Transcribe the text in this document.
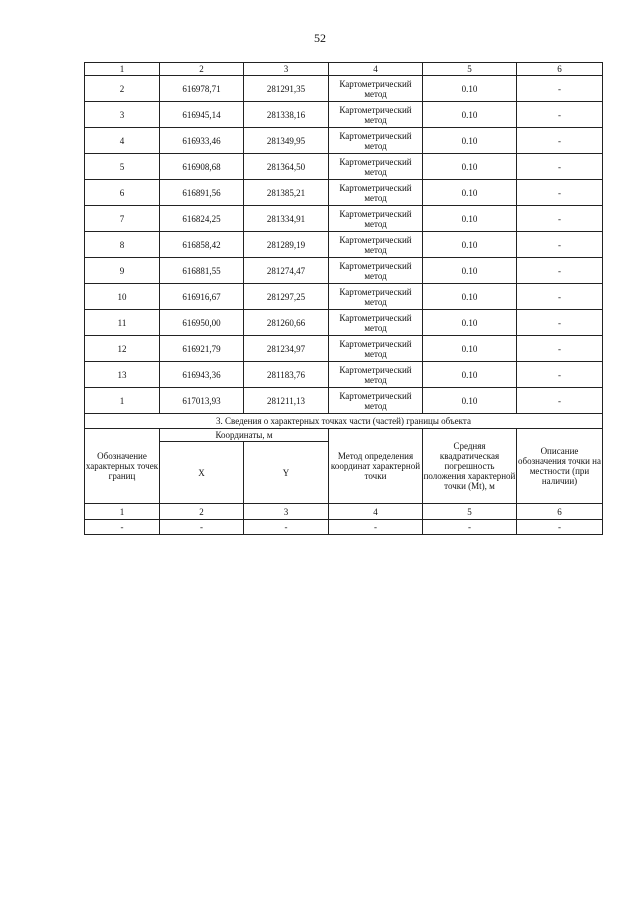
52
1	2	3	4	5	6
2	616978,71	281291,35	Картометрический метод	0.10	-
3	616945,14	281338,16	Картометрический метод	0.10	-
4	616933,46	281349,95	Картометрический метод	0.10	-
5	616908,68	281364,50	Картометрический метод	0.10	-
6	616891,56	281385,21	Картометрический метод	0.10	-
7	616824,25	281334,91	Картометрический метод	0.10	-
8	616858,42	281289,19	Картометрический метод	0.10	-
9	616881,55	281274,47	Картометрический метод	0.10	-
10	616916,67	281297,25	Картометрический метод	0.10	-
11	616950,00	281260,66	Картометрический метод	0.10	-
12	616921,79	281234,97	Картометрический метод	0.10	-
13	616943,36	281183,76	Картометрический метод	0.10	-
1	617013,93	281211,13	Картометрический метод	0.10	-
3. Сведения о характерных точках части (частей) границы объекта					
Обозначение характерных точек границ	Координаты, м		Метод определения координат характерной точки	Средняя квадратическая погрешность положения характерной точки (Mt), м	Описание обозначения точки на местности (при наличии)
	X	Y			
1	2	3	4	5	6
-	-	-	-	-	-
